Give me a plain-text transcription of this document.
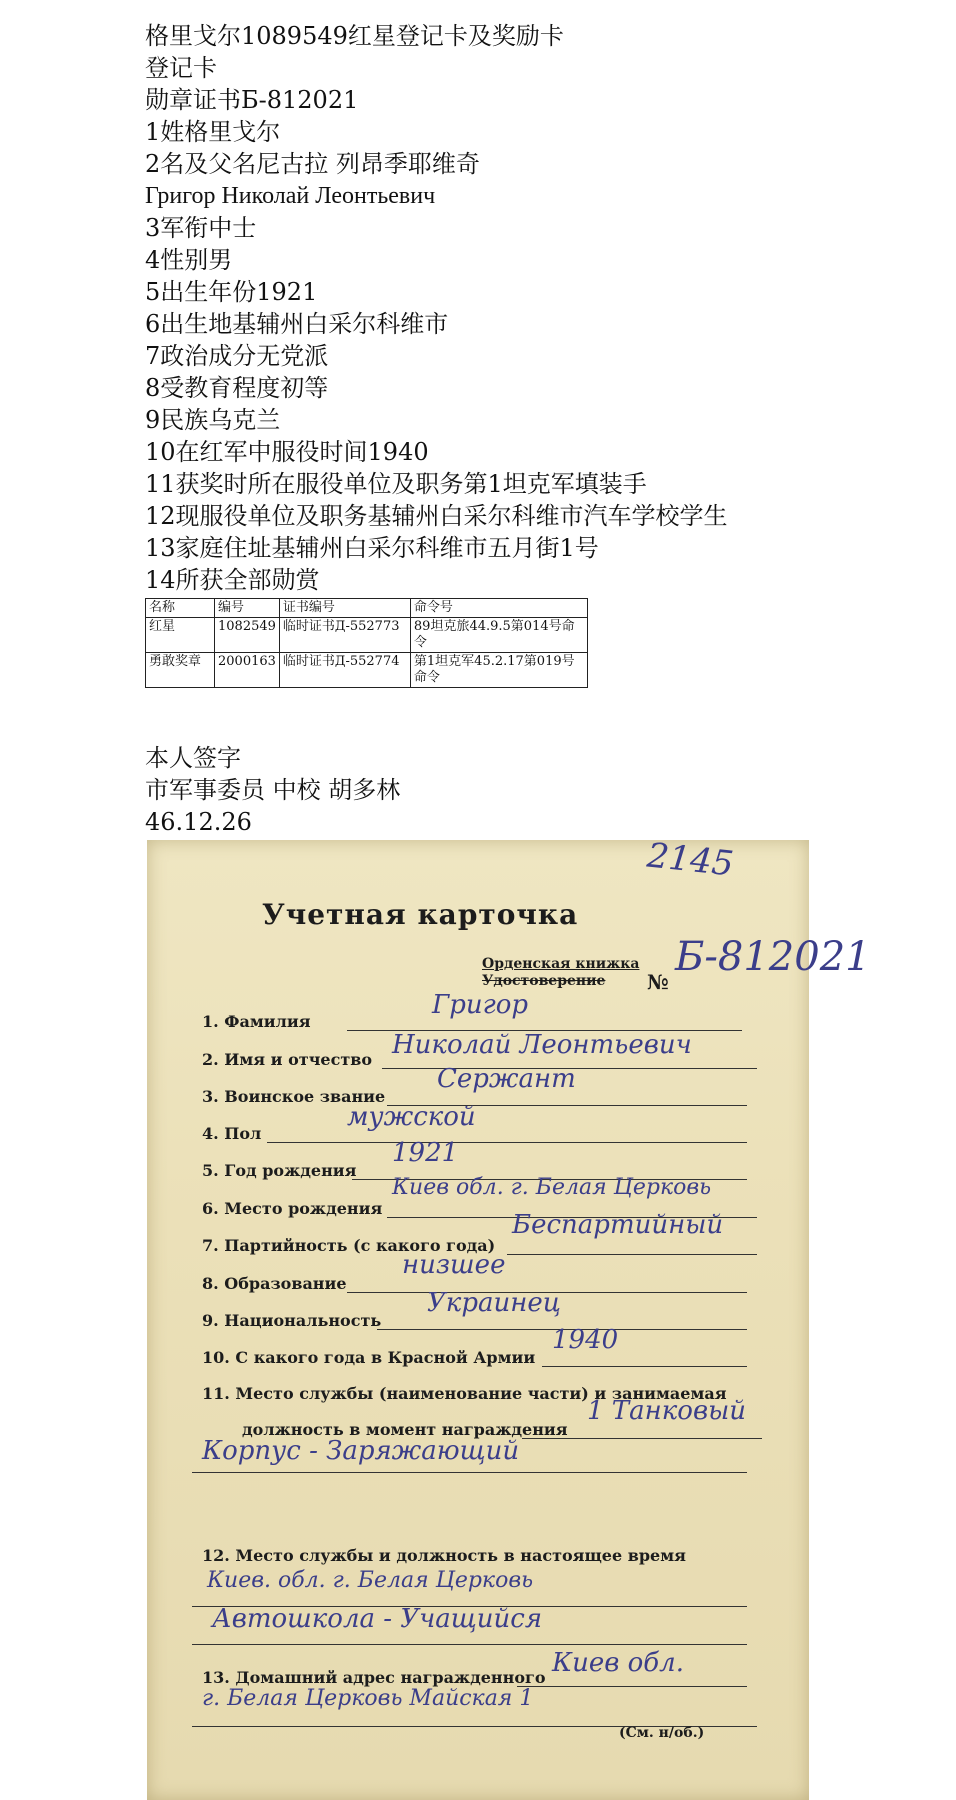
格里戈尔1089549红星登记卡及奖励卡
登记卡
勋章证书Б-812021
1姓格里戈尔
2名及父名尼古拉 列昂季耶维奇
Григор Николай Леонтьевич
3军衔中士
4性别男
5出生年份1921
6出生地基辅州白采尔科维市
7政治成分无党派
8受教育程度初等
9民族乌克兰
10在红军中服役时间1940
11获奖时所在服役单位及职务第1坦克军填装手
12现服役单位及职务基辅州白采尔科维市汽车学校学生
13家庭住址基辅州白采尔科维市五月街1号
14所获全部勋赏
名称	编号	证书编号	命令号
红星	1082549	临时证书Д-552773	89坦克旅44.9.5第014号命令
勇敢奖章	2000163	临时证书Д-552774	第1坦克军45.2.17第019号命令
本人签字
市军事委员 中校 胡多林
46.12.26
2145
Учетная карточка
Орденская книжка
Удостоверение №
Б-812021
1. Фамилия
Григор
2. Имя и отчество Николай Леонтьевич
3. Воинское звание
Сержант
4. Пол
мужской
5. Год рождения
1921
6. Место рождения
Киев обл. г. Белая Церковь
7. Партийность (с какого года)
Беспартийный
8. Образование
низшее
9. Национальность
Украинец
10. С какого года в Красной Армии
1940
11. Место службы (наименование части) и занимаемая
должность в момент награждения
1 Танковый
Корпус - Заряжающий
12. Место службы и должность в настоящее время
Киев. обл. г. Белая Церковь
Автошкола - Учащийся
13. Домашний адрес награжденного Киев обл.
г. Белая Церковь Майская 1
(См. н/об.)
